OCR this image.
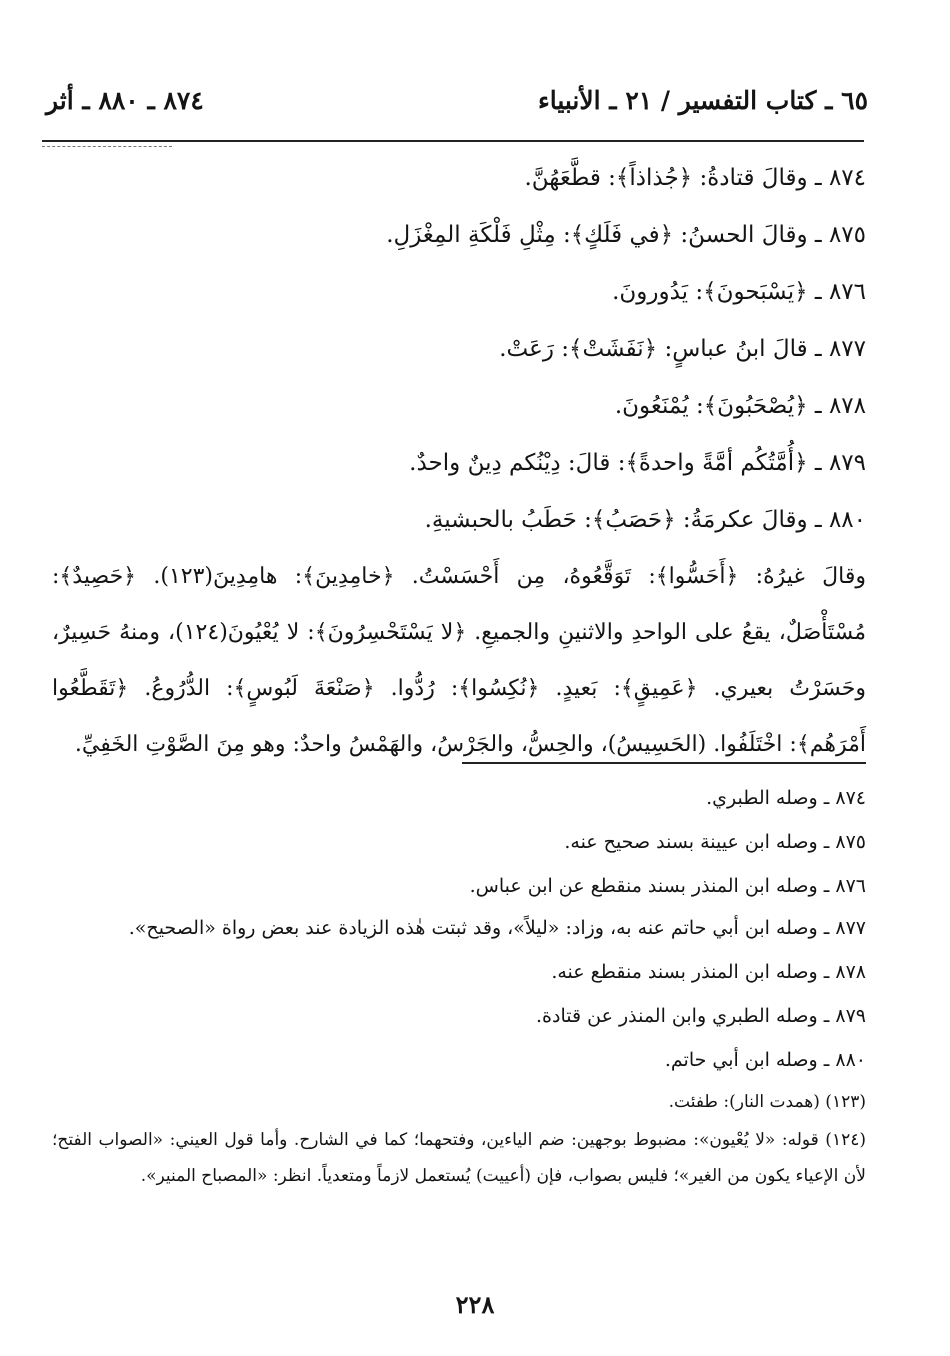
٦٥ ـ كتاب التفسير / ٢١ ـ الأنبياء
٨٧٤ ـ ٨٨٠ ـ أثر
٨٧٤ ـ وقالَ قتادةُ: ﴿جُذاذاً﴾: قطَّعَهُنَّ.
٨٧٥ ـ وقالَ الحسنُ: ﴿في فَلَكٍ﴾: مِثْلِ فَلْكَةِ المِغْزَلِ.
٨٧٦ ـ ﴿يَسْبَحونَ﴾: يَدُورونَ.
٨٧٧ ـ قالَ ابنُ عباسٍ: ﴿نَفَشَتْ﴾: رَعَتْ.
٨٧٨ ـ ﴿يُصْحَبُونَ﴾: يُمْنَعُونَ.
٨٧٩ ـ ﴿أُمَّتُكُم أمَّةً واحدةً﴾: قالَ: دِيْنُكم دِينٌ واحدٌ.
٨٨٠ ـ وقالَ عكرمَةُ: ﴿حَصَبُ﴾: حَطَبُ بالحبشيةِ.
وقالَ غيرُهُ: ﴿أَحَسُّوا﴾: تَوَقَّعُوهُ، مِن أَحْسَسْتُ. ﴿خامِدِينَ﴾: هامِدِينَ(١٢٣). ﴿حَصِيدٌ﴾: مُسْتَأْصَلٌ، يقعُ على الواحدِ والاثنينِ والجميعِ. ﴿لا يَسْتَحْسِرُونَ﴾: لا يُعْيُونَ(١٢٤)، ومنهُ حَسِيرٌ، وحَسَرْتُ بعيري. ﴿عَمِيقٍ﴾: بَعيدٍ. ﴿نُكِسُوا﴾: رُدُّوا. ﴿صَنْعَةَ لَبُوسٍ﴾: الدُّرُوعُ. ﴿تَقَطَّعُوا أَمْرَهُم﴾: اخْتَلَفُوا. (الحَسِيسُ)، والحِسُّ، والجَرْسُ، والهَمْسُ واحدٌ: وهو مِنَ الصَّوْتِ الخَفِيِّ.
٨٧٤ ـ وصله الطبري.
٨٧٥ ـ وصله ابن عيينة بسند صحيح عنه.
٨٧٦ ـ وصله ابن المنذر بسند منقطع عن ابن عباس.
٨٧٧ ـ وصله ابن أبي حاتم عنه به، وزاد: «ليلاً»، وقد ثبتت هٰذه الزيادة عند بعض رواة «الصحيح».
٨٧٨ ـ وصله ابن المنذر بسند منقطع عنه.
٨٧٩ ـ وصله الطبري وابن المنذر عن قتادة.
٨٨٠ ـ وصله ابن أبي حاتم.
(١٢٣) (همدت النار): طفئت.
(١٢٤) قوله: «لا يُعْيون»: مضبوط بوجهين: ضم الياءين، وفتحهما؛ كما في الشارح. وأما قول العيني: «الصواب الفتح؛ لأن الإعياء يكون من الغير»؛ فليس بصواب، فإن (أعييت) يُستعمل لازماً ومتعدياً. انظر: «المصباح المنير».
٢٢٨
